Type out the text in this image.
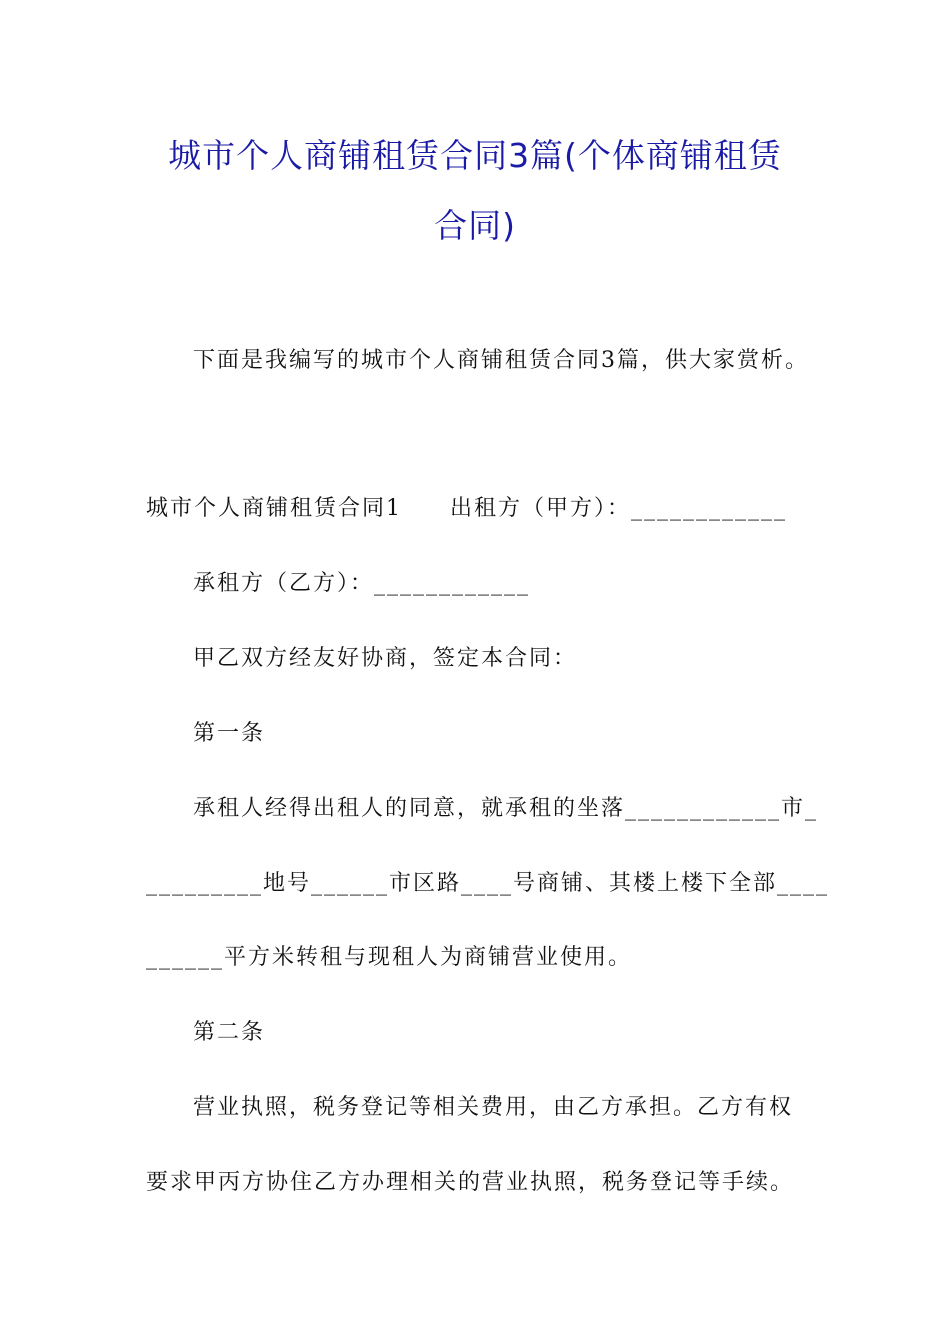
城市个人商铺租赁合同3篇(个体商铺租赁
合同)
下面是我编写的城市个人商铺租赁合同3篇，供大家赏析。
城市个人商铺租赁合同1 出租方（甲方）：____________
承租方（乙方）：____________
甲乙双方经友好协商，签定本合同：
第一条
承租人经得出租人的同意，就承租的坐落____________市_
_________地号______市区路____号商铺、其楼上楼下全部____
______平方米转租与现租人为商铺营业使用。
第二条
营业执照，税务登记等相关费用，由乙方承担。乙方有权
要求甲丙方协住乙方办理相关的营业执照，税务登记等手续。
